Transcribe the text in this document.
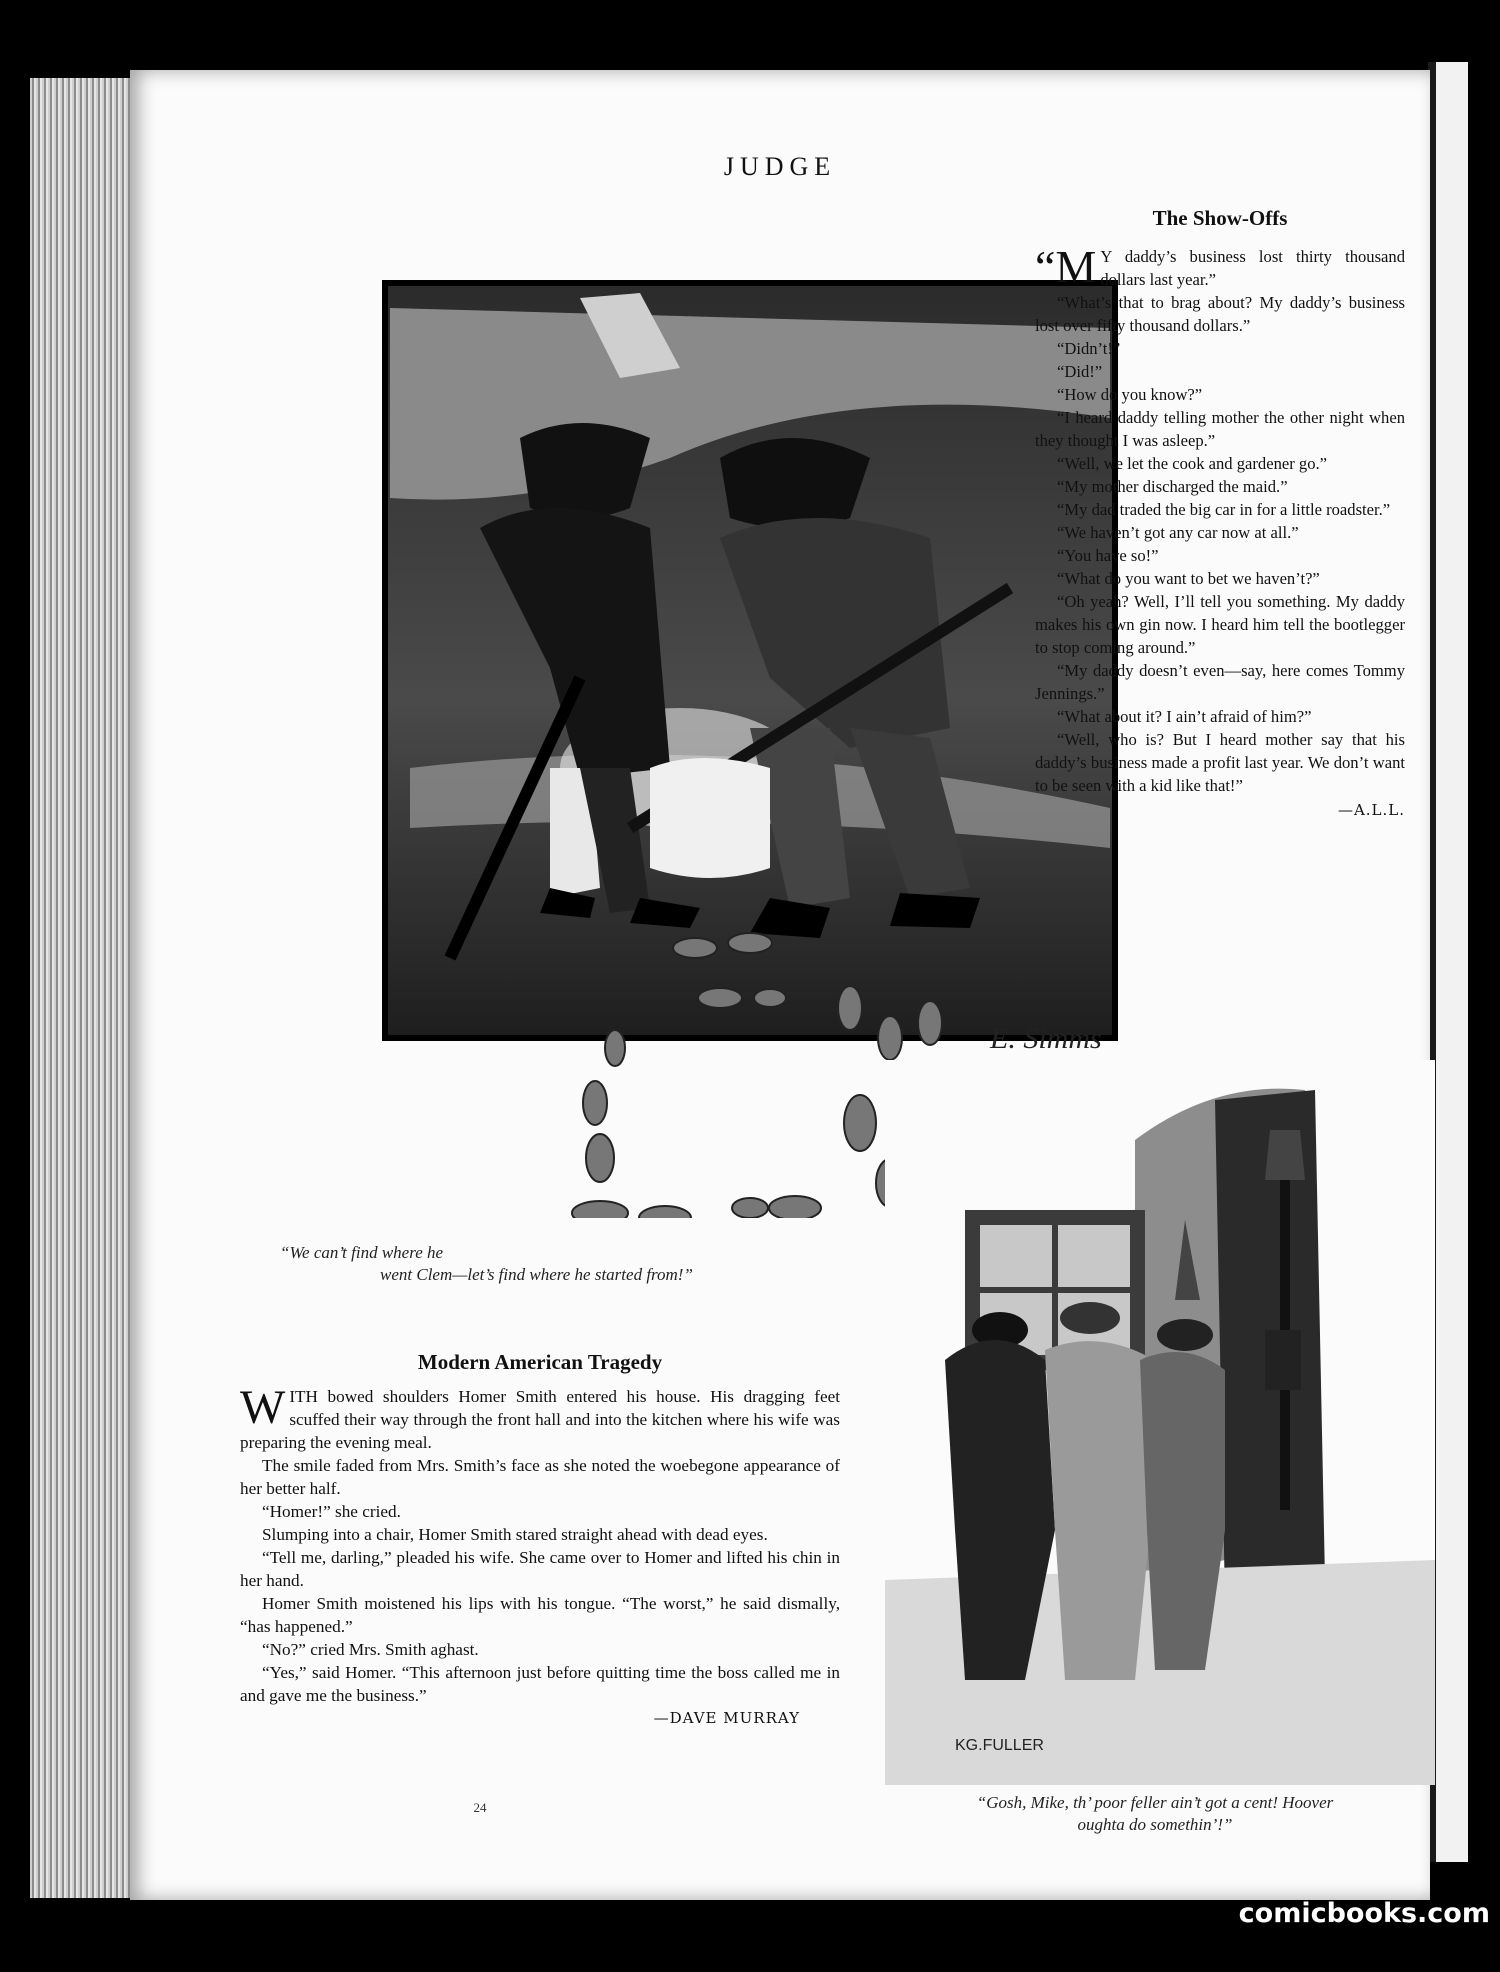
JUDGE
E. Simms
“We can’t find where he
went Clem—let’s find where he started from!”
The Show-Offs

“M Y daddy’s business lost thirty thousand dollars last year.”

“What’s that to brag about? My daddy’s business lost over fifty thousand dollars.”

“Didn’t!”

“Did!”

“How do you know?”

“I heard daddy telling mother the other night when they thought I was asleep.”

“Well, we let the cook and gardener go.”

“My mother discharged the maid.”

“My dad traded the big car in for a little roadster.”

“We haven’t got any car now at all.”

“You have so!”

“What do you want to bet we haven’t?”

“Oh yeah? Well, I’ll tell you something. My daddy makes his own gin now. I heard him tell the bootlegger to stop coming around.”

“My daddy doesn’t even—say, here comes Tommy Jennings.”

“What about it? I ain’t afraid of him?”

“Well, who is? But I heard mother say that his daddy’s business made a profit last year. We don’t want to be seen with a kid like that!”

—A.L.L.
Modern American Tragedy

WITH bowed shoulders Homer Smith entered his house. His dragging feet scuffed their way through the front hall and into the kitchen where his wife was preparing the evening meal.

The smile faded from Mrs. Smith’s face as she noted the woebegone appearance of her better half.

“Homer!” she cried.

Slumping into a chair, Homer Smith stared straight ahead with dead eyes.

“Tell me, darling,” pleaded his wife. She came over to Homer and lifted his chin in her hand.

Homer Smith moistened his lips with his tongue. “The worst,” he said dismally, “has happened.”

“No?” cried Mrs. Smith aghast.

“Yes,” said Homer. “This afternoon just before quitting time the boss called me in and gave me the business.”

—DAVE MURRAY
KG.FULLER
“Gosh, Mike, th’ poor feller ain’t got a cent! Hoover
oughta do somethin’!”
24
comicbooks.com
